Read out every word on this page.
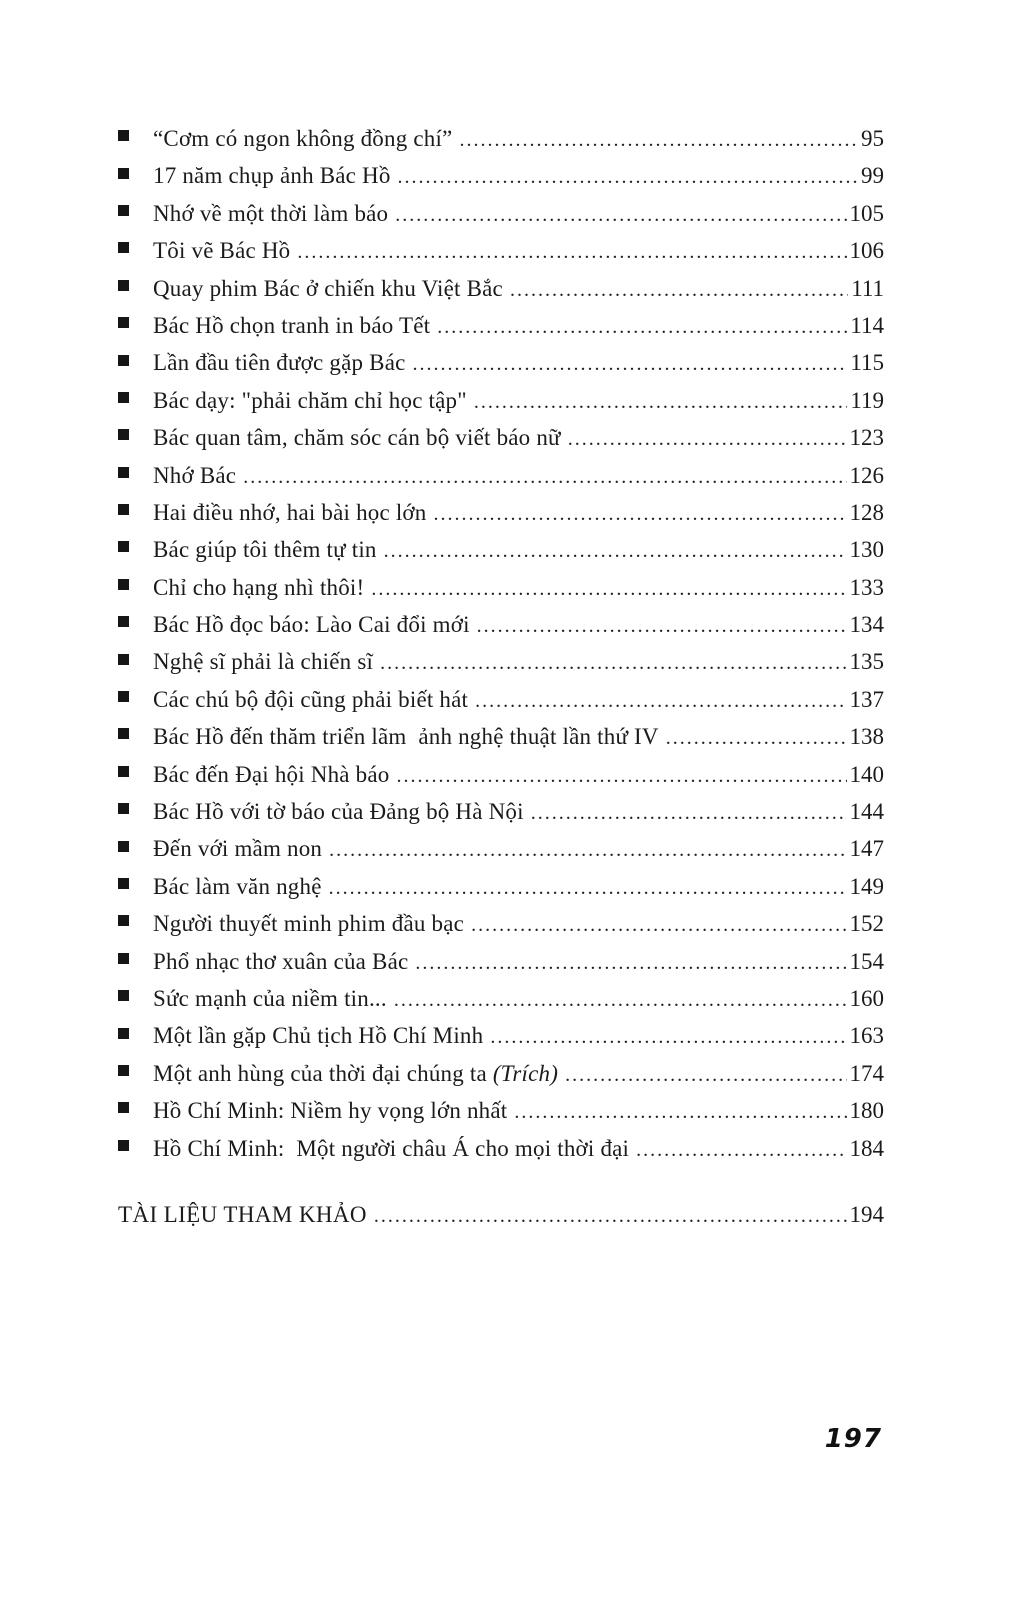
“Cơm có ngon không đồng chí” .....	95
17 năm chụp ảnh Bác Hồ .....	99
Nhớ về một thời làm báo .....	105
Tôi vẽ Bác Hồ .....	106
Quay phim Bác ở chiến khu Việt Bắc .....	111
Bác Hồ chọn tranh in báo Tết .....	114
Lần đầu tiên được gặp Bác .....	115
Bác dạy: "phải chăm chỉ học tập" .....	119
Bác quan tâm, chăm sóc cán bộ viết báo nữ .....	123
Nhớ Bác .....	126
Hai điều nhớ, hai bài học lớn .....	128
Bác giúp tôi thêm tự tin .....	130
Chỉ cho hạng nhì thôi! .....	133
Bác Hồ đọc báo: Lào Cai đổi mới .....	134
Nghệ sĩ phải là chiến sĩ .....	135
Các chú bộ đội cũng phải biết hát .....	137
Bác Hồ đến thăm triển lãm  ảnh nghệ thuật lần thứ IV .....	138
Bác đến Đại hội Nhà báo .....	140
Bác Hồ với tờ báo của Đảng bộ Hà Nội .....	144
Đến với mầm non .....	147
Bác làm văn nghệ .....	149
Người thuyết minh phim đầu bạc .....	152
Phổ nhạc thơ xuân của Bác .....	154
Sức mạnh của niềm tin... .....	160
Một lần gặp Chủ tịch Hồ Chí Minh .....	163
Một anh hùng của thời đại chúng ta (Trích) .....	174
Hồ Chí Minh: Niềm hy vọng lớn nhất .....	180
Hồ Chí Minh:  Một người châu Á cho mọi thời đại .....	184
TÀI LIỆU THAM KHẢO .....	194
197
